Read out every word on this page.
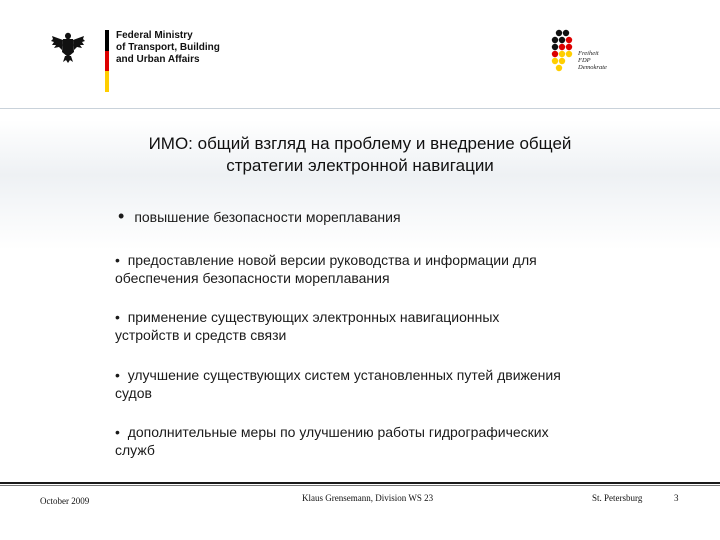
Federal Ministry
of Transport, Building
and Urban Affairs
Freiheit
FDP
Demokrate
ИМО: общий взгляд на проблему и внедрение общей
стратегии электронной навигации
• повышение безопасности мореплавания
• предоставление новой версии руководства и информации для
обеспечения безопасности мореплавания
• применение существующих электронных навигационных
устройств и средств связи
• улучшение существующих систем установленных путей движения
судов
• дополнительные меры по улучшению работы гидрографических
служб
October 2009	Klaus Grensemann, Division WS 23	St. Petersburg	3
